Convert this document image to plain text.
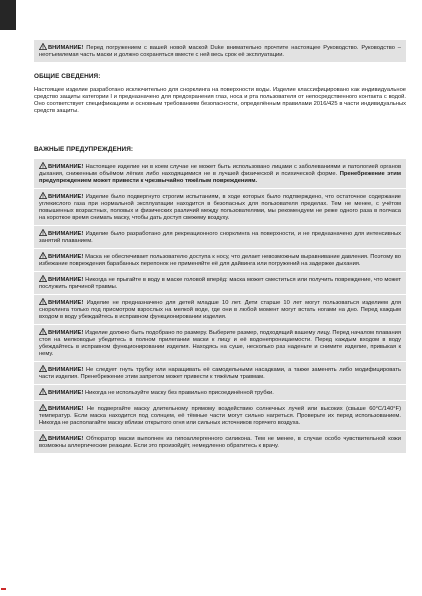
ВНИМАНИЕ! Перед погружением с вашей новой маской Duke внимательно прочтите настоящее Руководство. Руководство – неотъемлемая часть маски и должно сохраняться вместе с ней весь срок её эксплуатации.

ОБЩИЕ СВЕДЕНИЯ:

Настоящее изделие разработано исключительно для снорклинга на поверхности воды. Изделие классифицировано как индивидуальное средство защиты категории I и предназначено для предохранения глаз, носа и рта пользователя от непосредственного контакта с водой. Оно соответствует спецификациям и основным требованиям безопасности, определённым правилами 2016/425 в части индивидуальных средств защиты.

ВАЖНЫЕ ПРЕДУПРЕЖДЕНИЯ:

ВНИМАНИЕ! Настоящее изделие ни в коем случае не может быть использовано лицами с заболеваниями и патологией органов дыхания, сниженным объёмом лёгких либо находящимися не в лучшей физической и психической форме. Пренебрежение этим предупреждением может привести к чрезвычайно тяжёлым повреждениям.

ВНИМАНИЕ! Изделие было подвергнуто строгим испытаниям, в ходе которых было подтверждено, что остаточное содержание углекислого газа при нормальной эксплуатации находится в безопасных для пользователя пределах. Тем не менее, с учётом повышенных возрастных, половых и физических различий между пользователями, мы рекомендуем не реже одного раза в полчаса на короткое время снимать маску, чтобы дать доступ свежему воздуху.

ВНИМАНИЕ! Изделие было разработано для рекреационного снорклинга на поверхности, и не предназначено для интенсивных занятий плаванием.

ВНИМАНИЕ! Маска не обеспечивает пользователю доступа к носу, что делает невозможным выравнивание давления. Поэтому во избежание повреждения барабанных перепонок не применяйте её для дайвинга или погружений на задержке дыхания.

ВНИМАНИЕ! Никогда не прыгайте в воду в маске головой вперёд: маска может сместиться или получить повреждение, что может послужить причиной травмы.

ВНИМАНИЕ! Изделие не предназначено для детей младше 10 лет. Дети старше 10 лет могут пользоваться изделием для снорклинга только под присмотром взрослых на мелкой воде, где они в любой момент могут встать ногами на дно. Перед каждым входом в воду убеждайтесь в исправном функционировании изделия.

ВНИМАНИЕ! Изделие должно быть подобрано по размеру. Выберите размер, подходящий вашему лицу. Перед началом плавания стоя на мелководье убедитесь в полном прилегании маски к лицу и её водонепроницаемости. Перед каждым входом в воду убеждайтесь в исправном функционировании изделия. Находясь на суше, несколько раз наденьте и снимите изделие, привыкая к нему.

ВНИМАНИЕ! Не следует гнуть трубку или наращивать её самодельными насадками, а также заменять либо модифицировать части изделия. Пренебрежение этим запретом может привести к тяжёлым травмам.

ВНИМАНИЕ! Никогда не используйте маску без правильно присоединённой трубки.

ВНИМАНИЕ! Не подвергайте маску длительному прямому воздействию солнечных лучей или высоких (свыше 60°C/140°F) температур. Если маска находится под солнцем, её тёмные части могут сильно нагреться. Проверьте их перед использованием. Никогда не располагайте маску вблизи открытого огня или сильных источников горячего воздуха.

ВНИМАНИЕ! Обтюратор маски выполнен из гипоаллергенного силикона. Тем не менее, в случае особо чувствительной кожи возможны аллергические реакции. Если это произойдёт, немедленно обратитесь к врачу.
